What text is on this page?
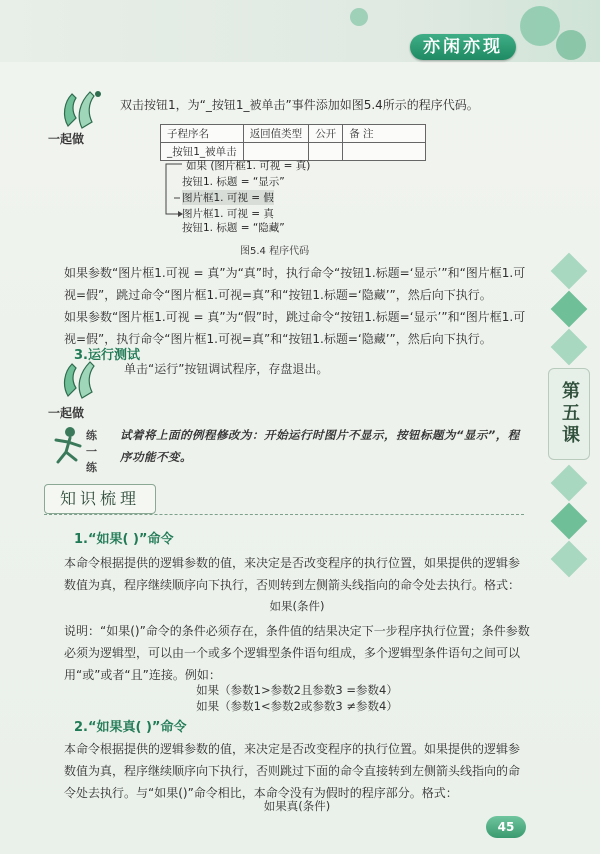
亦闲亦现
第五课
一起做
双击按钮1，为“_按钮1_被单击”事件添加如图5.4所示的程序代码。
子程序名	返回值类型	公开	备 注
_按钮1_被单击			
如果 (图片框1. 可视 = 真)
按钮1. 标题 = “显示”
图片框1. 可视 = 假
图片框1. 可视 = 真
按钮1. 标题 = “隐藏”
图5.4 程序代码
如果参数“图片框1.可视 = 真”为“真”时，执行命令“按钮1.标题=‘显示’”和“图片框1.可视=假”，跳过命令“图片框1.可视=真”和“按钮1.标题=‘隐藏’”，然后向下执行。
如果参数“图片框1.可视 = 真”为“假”时，跳过命令“按钮1.标题=‘显示’”和“图片框1.可视=假”，执行命令“图片框1.可视=真”和“按钮1.标题=‘隐藏’”，然后向下执行。
3.运行测试
单击“运行”按钮调试程序，存盘退出。
一起做
练一练
试着将上面的例程修改为：开始运行时图片不显示，按钮标题为“显示”，程序功能不变。
知识梳理
1.“如果( )”命令
本命令根据提供的逻辑参数的值，来决定是否改变程序的执行位置，如果提供的逻辑参数值为真，程序继续顺序向下执行，否则转到左侧箭头线指向的命令处去执行。格式：
如果(条件)
说明：“如果()”命令的条件必须存在，条件值的结果决定下一步程序执行位置；条件参数必须为逻辑型，可以由一个或多个逻辑型条件语句组成，多个逻辑型条件语句之间可以用“或”或者“且”连接。例如：
如果（参数1>参数2且参数3 =参数4）
如果（参数1<参数2或参数3 ≠参数4）
2.“如果真( )”命令
本命令根据提供的逻辑参数的值，来决定是否改变程序的执行位置。如果提供的逻辑参数值为真，程序继续顺序向下执行，否则跳过下面的命令直接转到左侧箭头线指向的命令处去执行。与“如果()”命令相比，本命令没有为假时的程序部分。格式：
如果真(条件)
45
